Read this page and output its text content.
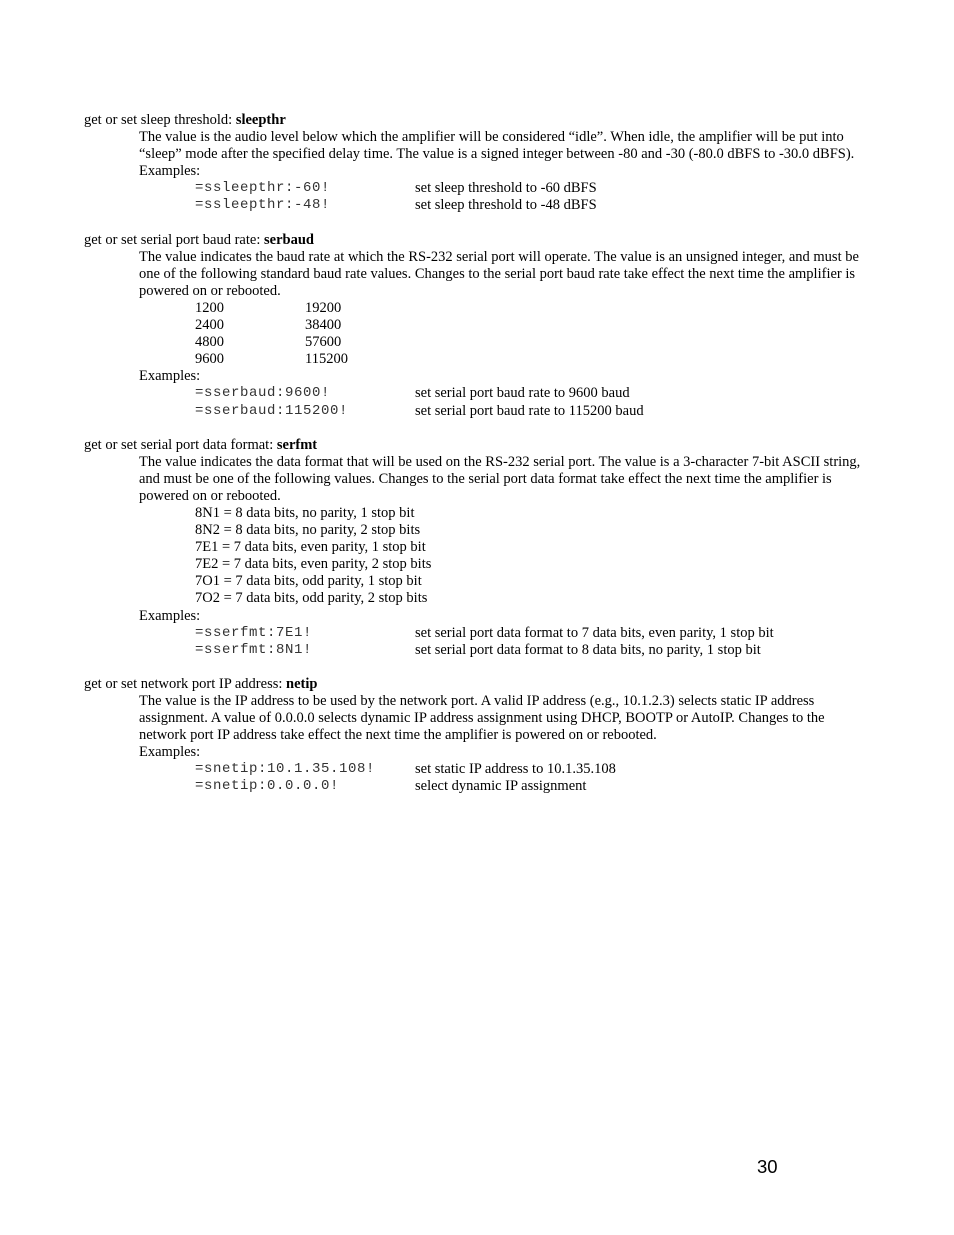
get or set sleep threshold: sleepthr

The value is the audio level below which the amplifier will be considered “idle”. When idle, the amplifier will be put into “sleep” mode after the specified delay time. The value is a signed integer between -80 and -30 (-80.0 dBFS to -30.0 dBFS).

Examples:

=ssleepthr:-60!	set sleep threshold to -60 dBFS
=ssleepthr:-48!	set sleep threshold to -48 dBFS

get or set serial port baud rate: serbaud

The value indicates the baud rate at which the RS-232 serial port will operate. The value is an unsigned integer, and must be one of the following standard baud rate values. Changes to the serial port baud rate take effect the next time the amplifier is powered on or rebooted.

1200	19200
2400	38400
4800	57600
9600	115200

Examples:

=sserbaud:9600!	set serial port baud rate to 9600 baud
=sserbaud:115200!	set serial port baud rate to 115200 baud

get or set serial port data format: serfmt

The value indicates the data format that will be used on the RS-232 serial port. The value is a 3-character 7-bit ASCII string, and must be one of the following values. Changes to the serial port data format take effect the next time the amplifier is powered on or rebooted.

8N1 = 8 data bits, no parity, 1 stop bit
8N2 = 8 data bits, no parity, 2 stop bits
7E1 = 7 data bits, even parity, 1 stop bit
7E2 = 7 data bits, even parity, 2 stop bits
7O1 = 7 data bits, odd parity, 1 stop bit
7O2 = 7 data bits, odd parity, 2 stop bits

Examples:

=sserfmt:7E1!	set serial port data format to 7 data bits, even parity, 1 stop bit
=sserfmt:8N1!	set serial port data format to 8 data bits, no parity, 1 stop bit

get or set network port IP address: netip

The value is the IP address to be used by the network port. A valid IP address (e.g., 10.1.2.3) selects static IP address assignment. A value of 0.0.0.0 selects dynamic IP address assignment using DHCP, BOOTP or AutoIP. Changes to the network port IP address take effect the next time the amplifier is powered on or rebooted.

Examples:

=snetip:10.1.35.108!	set static IP address to 10.1.35.108
=snetip:0.0.0.0!	select dynamic IP assignment
30
